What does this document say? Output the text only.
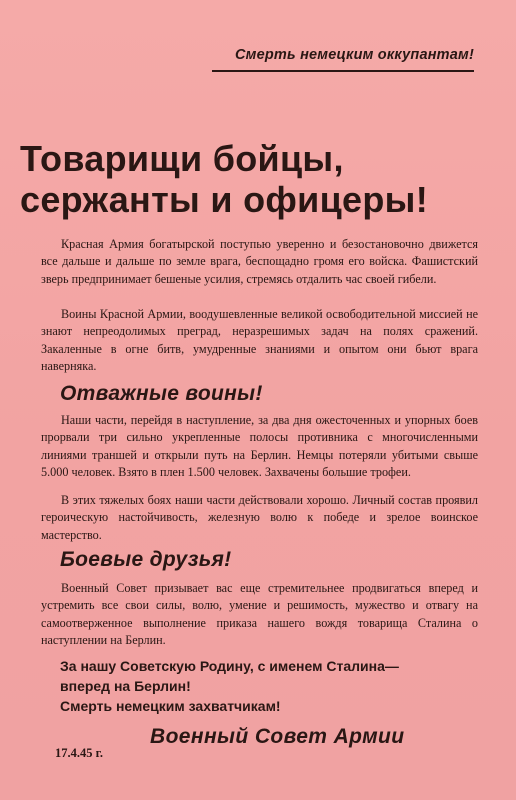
Смерть немецким оккупантам!
Товарищи бойцы,
сержанты и офицеры!

Красная Армия богатырской поступью уверенно и безостановочно движется все дальше и дальше по земле врага, беспощадно громя его войска. Фашистский зверь предпринимает бешеные усилия, стремясь отдалить час своей гибели.

Воины Красной Армии, воодушевленные великой освободительной миссией не знают непреодолимых преград, неразрешимых задач на полях сражений. Закаленные в огне битв, умудренные знаниями и опытом они бьют врага наверняка.

Отважные воины!

Наши части, перейдя в наступление, за два дня ожесточенных и упорных боев прорвали три сильно укрепленные полосы противника с многочисленными линиями траншей и открыли путь на Берлин. Немцы потеряли убитыми свыше 5.000 человек. Взято в плен 1.500 человек. Захвачены большие трофеи.

В этих тяжелых боях наши части действовали хорошо. Личный состав проявил героическую настойчивость, железную волю к победе и зрелое воинское мастерство.

Боевые друзья!

Военный Совет призывает вас еще стремительнее продвигаться вперед и устремить все свои силы, волю, умение и решимость, мужество и отвагу на самоотверженное выполнение приказа нашего вождя товарища Сталина о наступлении на Берлин.

За нашу Советскую Родину, с именем Сталина—
вперед на Берлин!
Смерть немецким захватчикам!
17.4.45 г.
Военный Совет Армии
